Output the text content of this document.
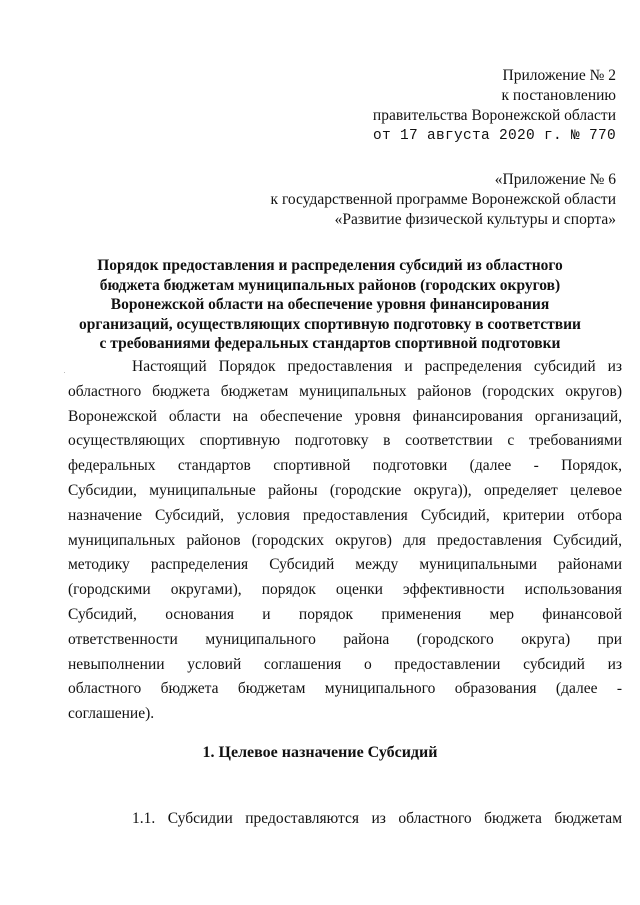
Приложение № 2
к постановлению
правительства Воронежской области
от 17 августа 2020 г. № 770
«Приложение № 6
к государственной программе Воронежской области
«Развитие физической культуры и спорта»
Порядок предоставления и распределения субсидий из областного
бюджета бюджетам муниципальных районов (городских округов)
Воронежской области на обеспечение уровня финансирования
организаций, осуществляющих спортивную подготовку в соответствии
с требованиями федеральных стандартов спортивной подготовки
Настоящий Порядок предоставления и распределения субсидий из
областного бюджета бюджетам муниципальных районов (городских округов)
Воронежской области на обеспечение уровня финансирования организаций,
осуществляющих спортивную подготовку в соответствии с требованиями
федеральных стандартов спортивной подготовки (далее - Порядок,
Субсидии, муниципальные районы (городские округа)), определяет целевое
назначение Субсидий, условия предоставления Субсидий, критерии отбора
муниципальных районов (городских округов) для предоставления Субсидий,
методику распределения Субсидий между муниципальными районами
(городскими округами), порядок оценки эффективности использования
Субсидий, основания и порядок применения мер финансовой
ответственности муниципального района (городского округа) при
невыполнении условий соглашения о предоставлении субсидий из
областного бюджета бюджетам муниципального образования (далее -
соглашение).
1. Целевое назначение Субсидий
1.1. Субсидии предоставляются из областного бюджета бюджетам
